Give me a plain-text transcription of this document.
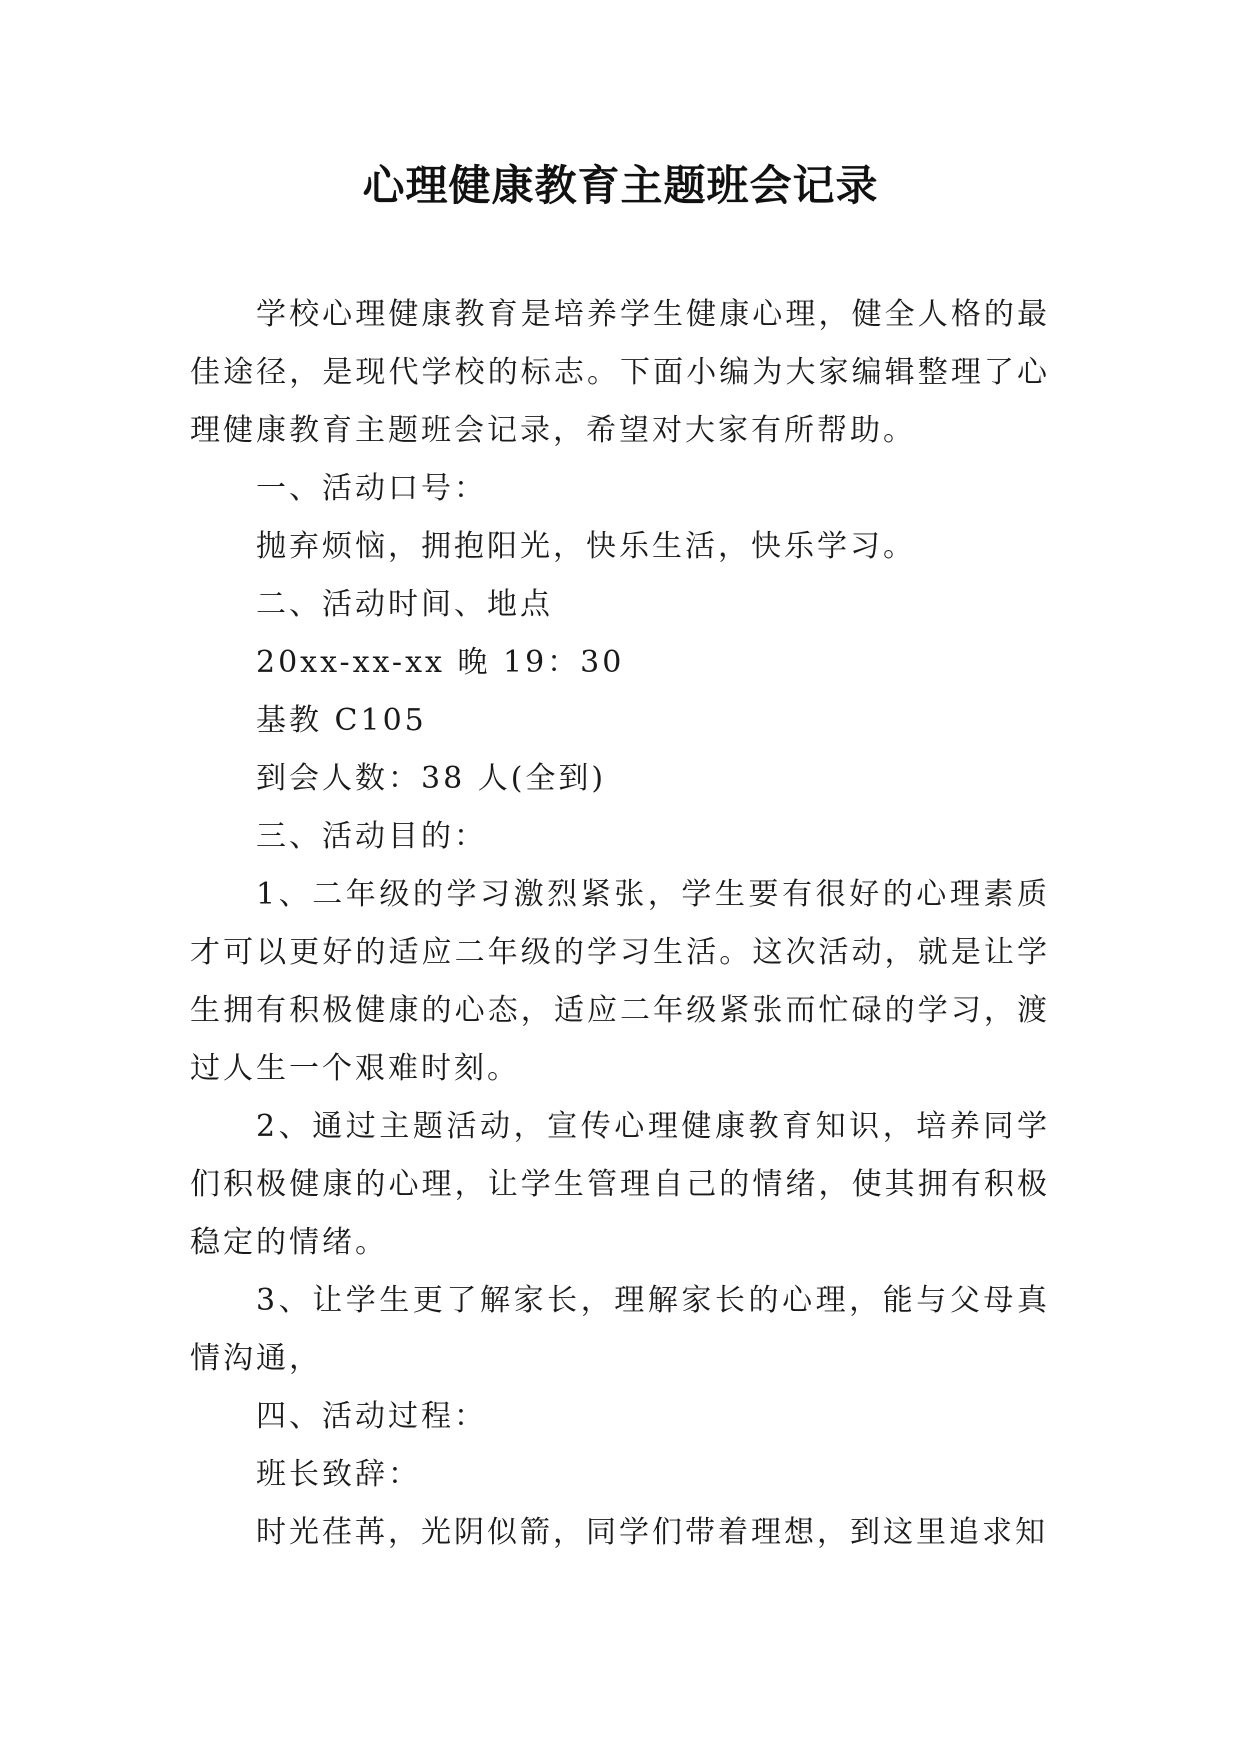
心理健康教育主题班会记录

学校心理健康教育是培养学生健康心理，健全人格的最佳途径，是现代学校的标志。下面小编为大家编辑整理了心理健康教育主题班会记录，希望对大家有所帮助。

一、活动口号：

抛弃烦恼，拥抱阳光，快乐生活，快乐学习。

二、活动时间、地点

20xx-xx-xx 晚 19：30

基教 C105

到会人数：38 人(全到)

三、活动目的：

1、二年级的学习激烈紧张，学生要有很好的心理素质才可以更好的适应二年级的学习生活。这次活动，就是让学生拥有积极健康的心态，适应二年级紧张而忙碌的学习，渡过人生一个艰难时刻。

2、通过主题活动，宣传心理健康教育知识，培养同学们积极健康的心理，让学生管理自己的情绪，使其拥有积极稳定的情绪。

3、让学生更了解家长，理解家长的心理，能与父母真情沟通，

四、活动过程：

班长致辞：

时光荏苒，光阴似箭，同学们带着理想，到这里追求知
